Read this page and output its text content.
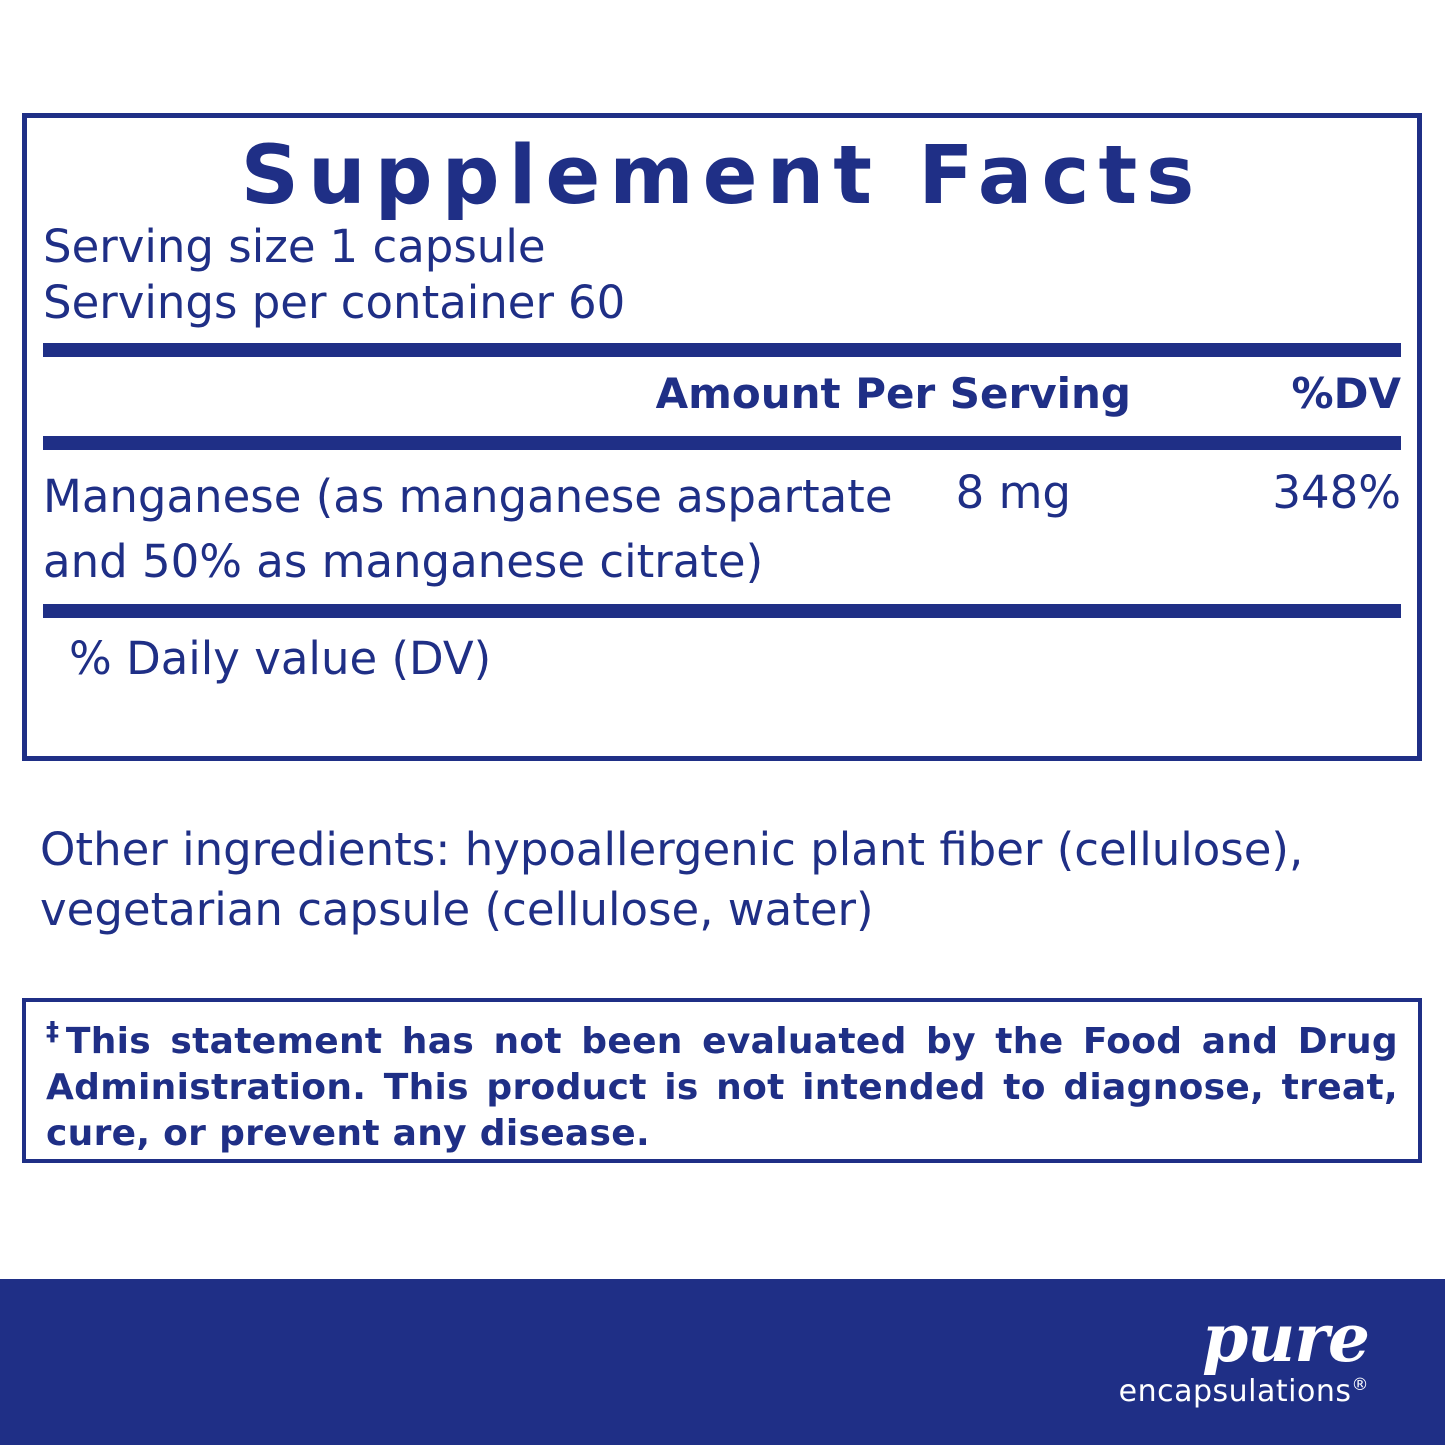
Supplement Facts
Serving size 1 capsule
Servings per container 60
Amount Per Serving	%DV
Manganese (as manganese aspartate and 50% as manganese citrate)
8 mg	348%
% Daily value (DV)
Other ingredients: hypoallergenic plant fiber (cellulose), vegetarian capsule (cellulose, water)
‡This statement has not been evaluated by the Food and Drug Administration. This product is not intended to diagnose, treat, cure, or prevent any disease.
pure
encapsulations®
